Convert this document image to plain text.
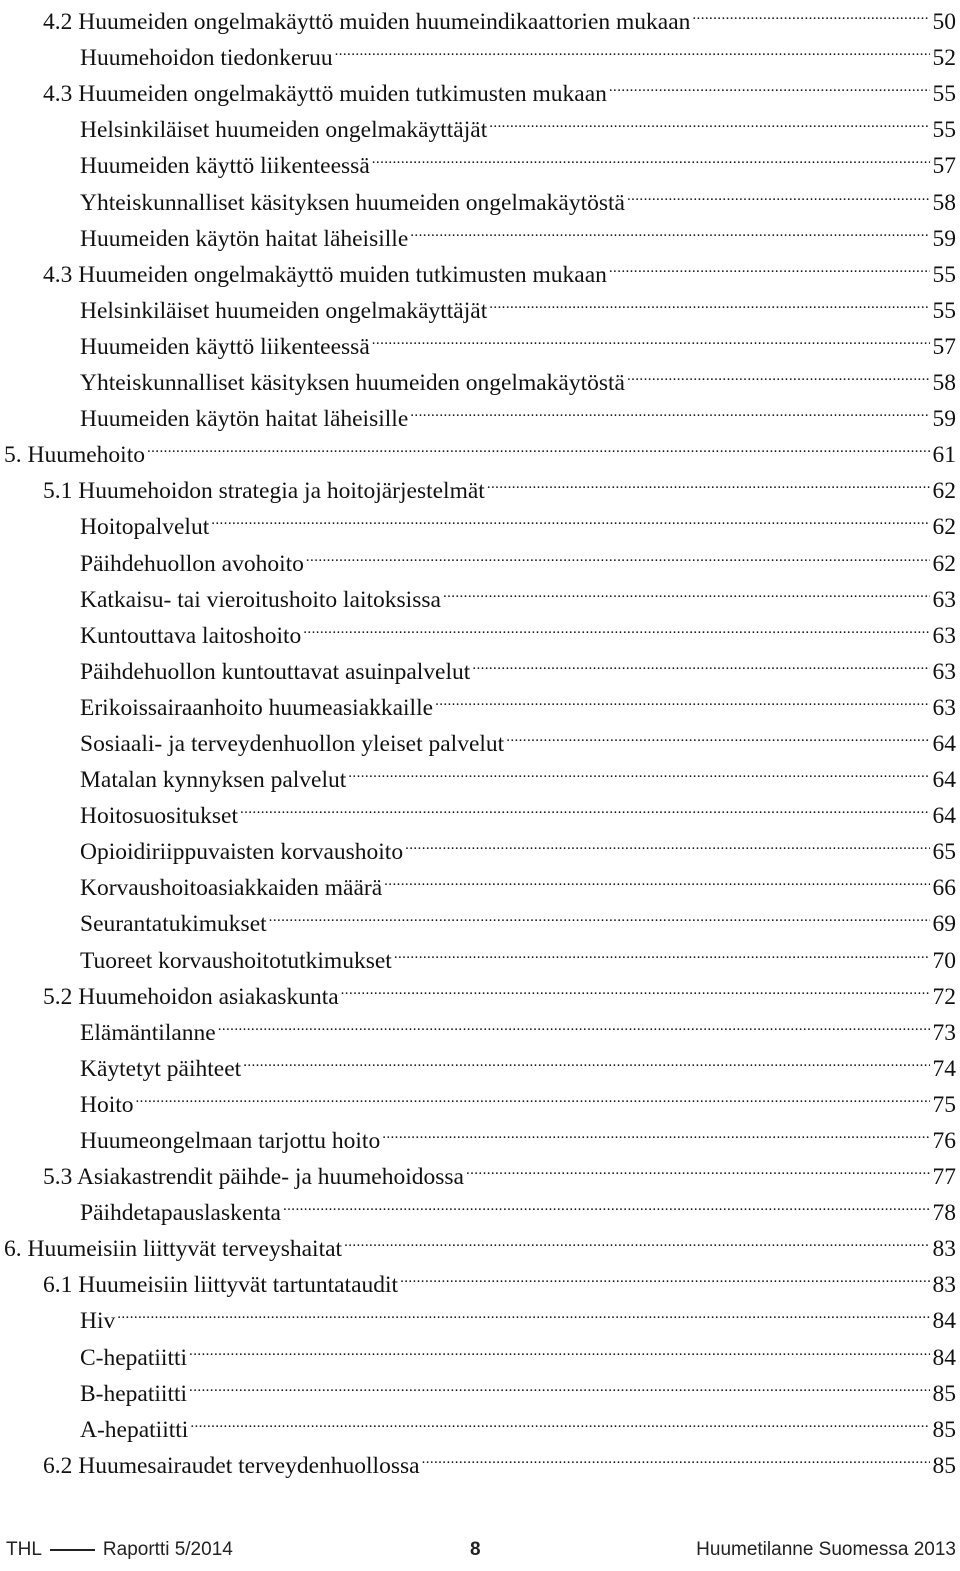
4.2 Huumeiden ongelmakäyttö muiden huumeindikaattorien mukaan .....	50
Huumehoidon tiedonkeruu .....	52
4.3 Huumeiden ongelmakäyttö muiden tutkimusten mukaan .....	55
Helsinkiläiset huumeiden ongelmakäyttäjät .....	55
Huumeiden käyttö liikenteessä .....	57
Yhteiskunnalliset käsityksen huumeiden ongelmakäytöstä .....	58
Huumeiden käytön haitat läheisille .....	59
4.3 Huumeiden ongelmakäyttö muiden tutkimusten mukaan .....	55
Helsinkiläiset huumeiden ongelmakäyttäjät .....	55
Huumeiden käyttö liikenteessä .....	57
Yhteiskunnalliset käsityksen huumeiden ongelmakäytöstä .....	58
Huumeiden käytön haitat läheisille .....	59
5. Huumehoito .....	61
5.1 Huumehoidon strategia ja hoitojärjestelmät .....	62
Hoitopalvelut .....	62
Päihdehuollon avohoito .....	62
Katkaisu- tai vieroitushoito laitoksissa .....	63
Kuntouttava laitoshoito .....	63
Päihdehuollon kuntouttavat asuinpalvelut .....	63
Erikoissairaanhoito huumeasiakkaille .....	63
Sosiaali- ja terveydenhuollon yleiset palvelut .....	64
Matalan kynnyksen palvelut .....	64
Hoitosuositukset .....	64
Opioidiriippuvaisten korvaushoito .....	65
Korvaushoitoasiakkaiden määrä .....	66
Seurantatukimukset .....	69
Tuoreet korvaushoitotutkimukset .....	70
5.2 Huumehoidon asiakaskunta .....	72
Elämäntilanne .....	73
Käytetyt päihteet .....	74
Hoito .....	75
Huumeongelmaan tarjottu hoito .....	76
5.3 Asiakastrendit päihde- ja huumehoidossa .....	77
Päihdetapauslaskenta .....	78
6. Huumeisiin liittyvät terveyshaitat .....	83
6.1 Huumeisiin liittyvät tartuntataudit .....	83
Hiv .....	84
C-hepatiitti .....	84
B-hepatiitti .....	85
A-hepatiitti .....	85
6.2 Huumesairaudet terveydenhuollossa .....	85
THL	Raportti 5/2014	8	Huumetilanne Suomessa 2013
